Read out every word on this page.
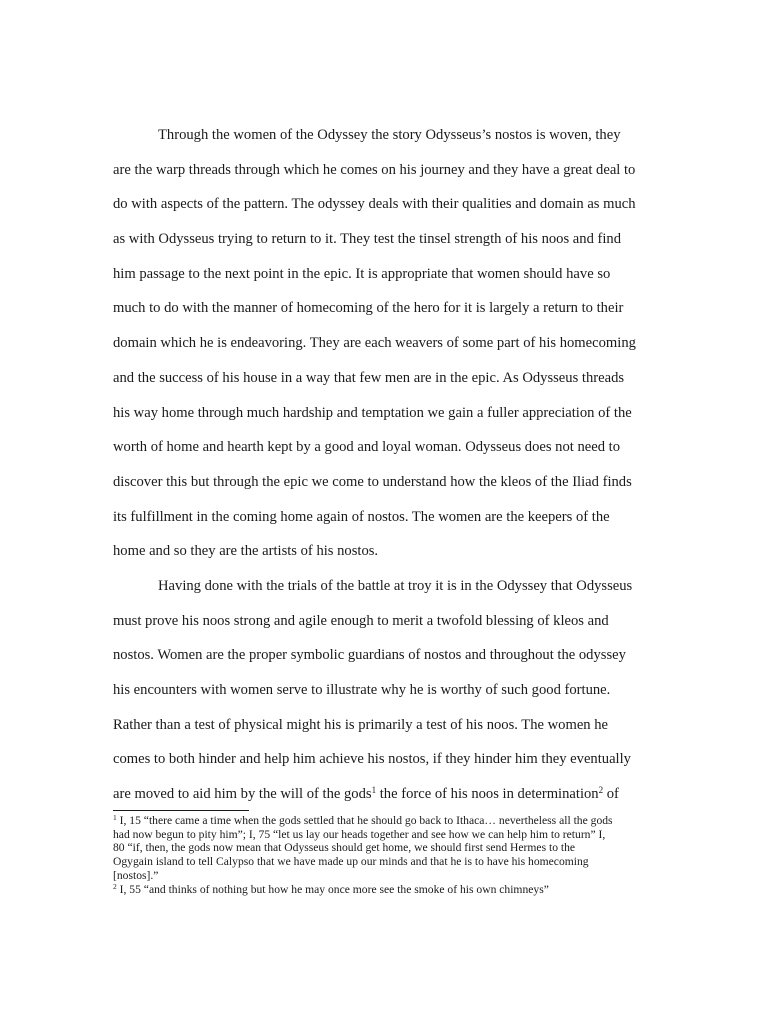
Through the women of the Odyssey the story Odysseus’s nostos is woven, they
are the warp threads through which he comes on his journey and they have a great deal to
do with aspects of the pattern. The odyssey deals with their qualities and domain as much
as with Odysseus trying to return to it. They test the tinsel strength of his noos and find
him passage to the next point in the epic. It is appropriate that women should have so
much to do with the manner of homecoming of the hero for it is largely a return to their
domain which he is endeavoring. They are each weavers of some part of his homecoming
and the success of his house in a way that few men are in the epic. As Odysseus threads
his way home through much hardship and temptation we gain a fuller appreciation of the
worth of home and hearth kept by a good and loyal woman. Odysseus does not need to
discover this but through the epic we come to understand how the kleos of the Iliad finds
its fulfillment in the coming home again of nostos. The women are the keepers of the
home and so they are the artists of his nostos.
Having done with the trials of the battle at troy it is in the Odyssey that Odysseus
must prove his noos strong and agile enough to merit a twofold blessing of kleos and
nostos. Women are the proper symbolic guardians of nostos and throughout the odyssey
his encounters with women serve to illustrate why he is worthy of such good fortune.
Rather than a test of physical might his is primarily a test of his noos. The women he
comes to both hinder and help him achieve his nostos, if they hinder him they eventually
are moved to aid him by the will of the gods$^1$ the force of his noos in determination$^2$ of
$^1$ I, 15 “there came a time when the gods settled that he should go back to Ithaca… nevertheless all the gods
had now begun to pity him”; I, 75 “let us lay our heads together and see how we can help him to return” I,
80 “if, then, the gods now mean that Odysseus should get home, we should first send Hermes to the
Ogygain island to tell Calypso that we have made up our minds and that he is to have his homecoming
[nostos].”
$^2$ I, 55 “and thinks of nothing but how he may once more see the smoke of his own chimneys”
